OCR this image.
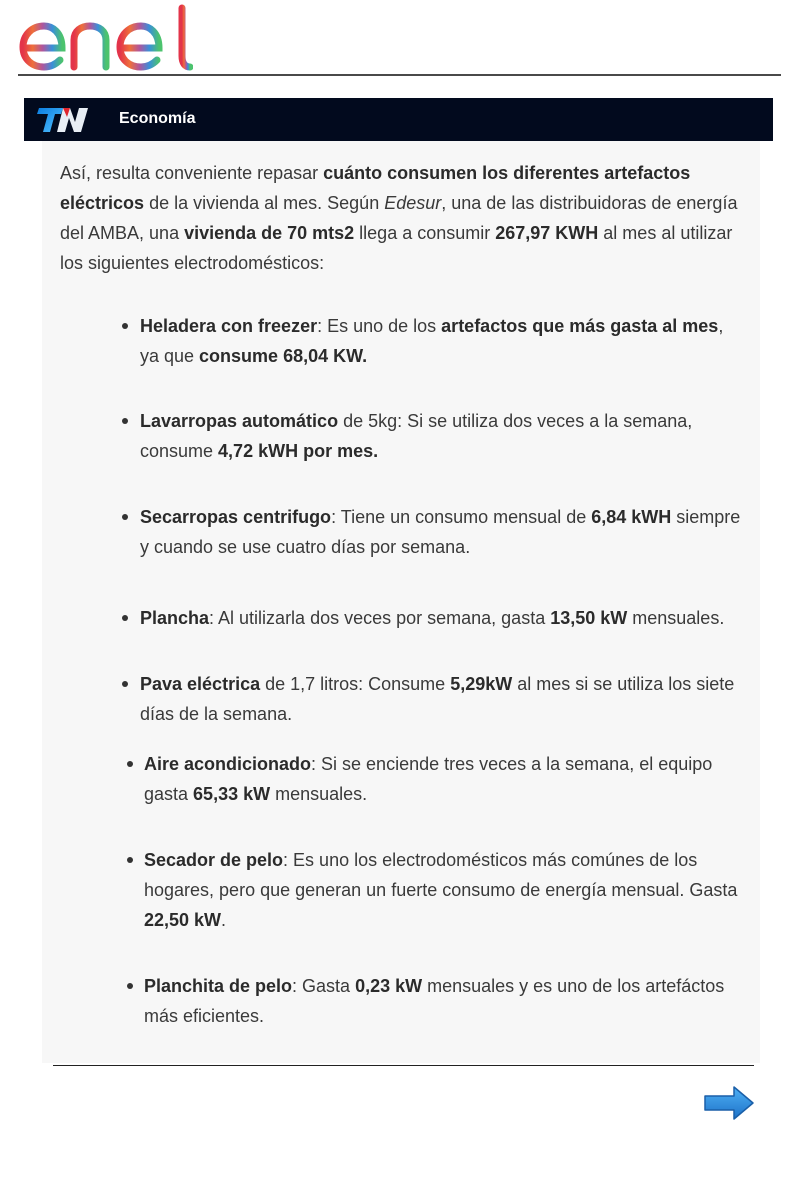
Economía

Así, resulta conveniente repasar cuánto consumen los diferentes artefactos eléctricos de la vivienda al mes. Según Edesur, una de las distribuidoras de energía del AMBA, una vivienda de 70 mts2 llega a consumir 267,97 KWH al mes al utilizar los siguientes electrodomésticos:

Heladera con freezer: Es uno de los artefactos que más gasta al mes, ya que consume 68,04 KW.

Lavarropas automático de 5kg: Si se utiliza dos veces a la semana, consume 4,72 kWH por mes.

Secarropas centrifugo: Tiene un consumo mensual de 6,84 kWH siempre y cuando se use cuatro días por semana.

Plancha: Al utilizarla dos veces por semana, gasta 13,50 kW mensuales.

Pava eléctrica de 1,7 litros: Consume 5,29kW al mes si se utiliza los siete días de la semana.

Aire acondicionado: Si se enciende tres veces a la semana, el equipo gasta 65,33 kW mensuales.

Secador de pelo: Es uno los electrodomésticos más comúnes de los hogares, pero que generan un fuerte consumo de energía mensual. Gasta 22,50 kW.

Planchita de pelo: Gasta 0,23 kW mensuales y es uno de los artefáctos más eficientes.
